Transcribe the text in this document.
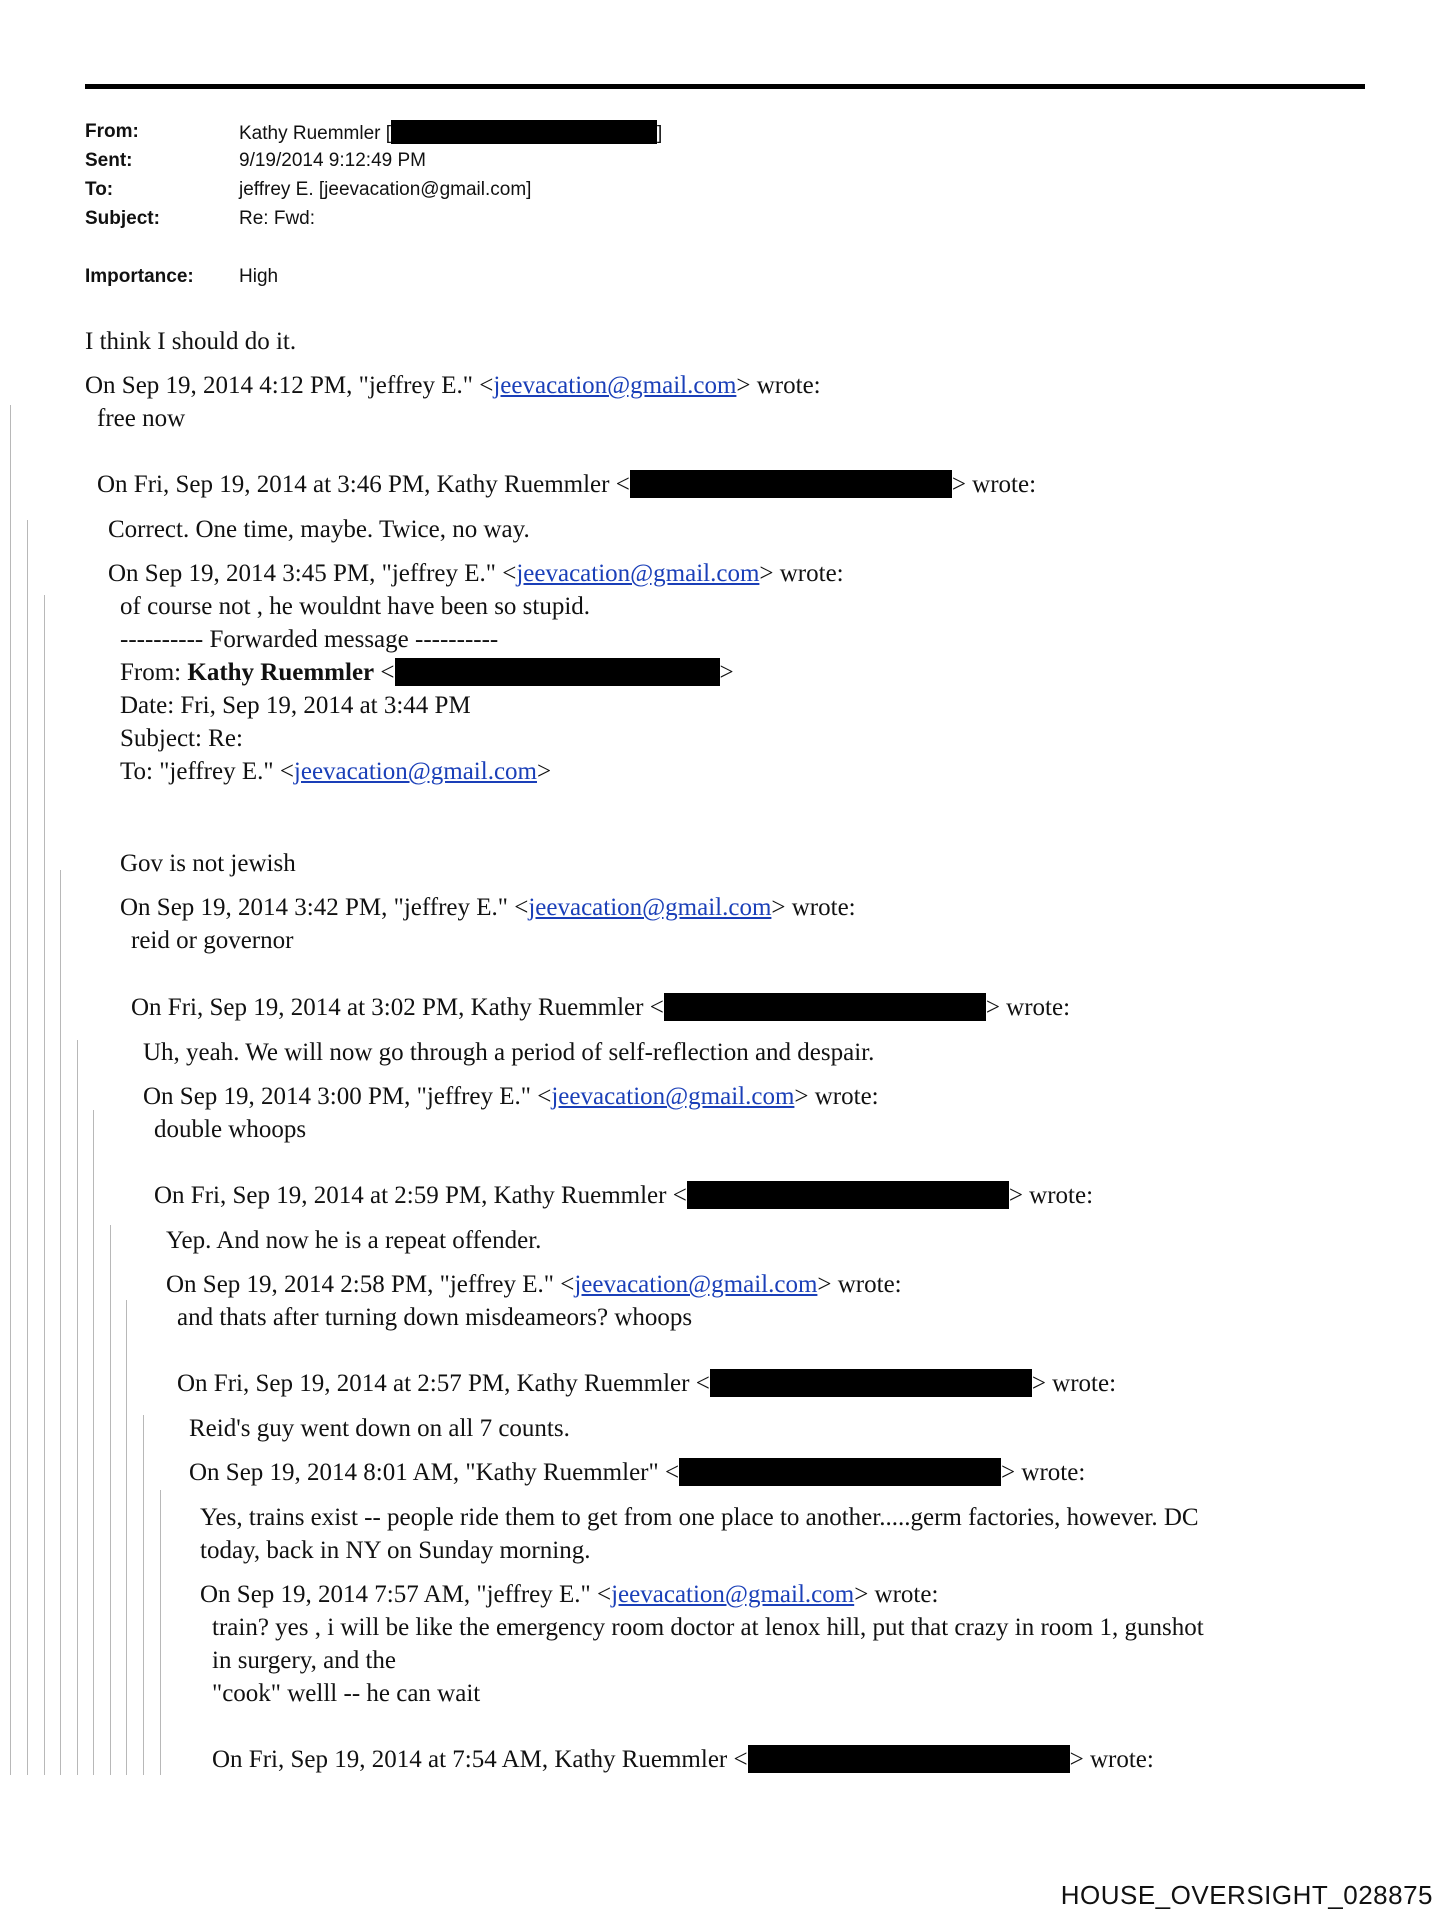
From:	Kathy Ruemmler [	]
Sent:	9/19/2014 9:12:49 PM
To:	jeffrey E. [jeevacation@gmail.com]
Subject:	Re: Fwd:
Importance: High
I think I should do it.
On Sep 19, 2014 4:12 PM, "jeffrey E." <jeevacation@gmail.com> wrote:
free now
On Fri, Sep 19, 2014 at 3:46 PM, Kathy Ruemmler <	> wrote:
Correct. One time, maybe. Twice, no way.
On Sep 19, 2014 3:45 PM, "jeffrey E." <jeevacation@gmail.com> wrote:
of course not , he wouldnt have been so stupid.
---------- Forwarded message ----------
From: Kathy Ruemmler <	>
Date: Fri, Sep 19, 2014 at 3:44 PM
Subject: Re:
To: "jeffrey E." <jeevacation@gmail.com>
Gov is not jewish
On Sep 19, 2014 3:42 PM, "jeffrey E." <jeevacation@gmail.com> wrote:
reid or governor
On Fri, Sep 19, 2014 at 3:02 PM, Kathy Ruemmler <	> wrote:
Uh, yeah. We will now go through a period of self-reflection and despair.
On Sep 19, 2014 3:00 PM, "jeffrey E." <jeevacation@gmail.com> wrote:
double whoops
On Fri, Sep 19, 2014 at 2:59 PM, Kathy Ruemmler <	> wrote:
Yep. And now he is a repeat offender.
On Sep 19, 2014 2:58 PM, "jeffrey E." <jeevacation@gmail.com> wrote:
and thats after turning down misdeameors? whoops
On Fri, Sep 19, 2014 at 2:57 PM, Kathy Ruemmler <	> wrote:
Reid's guy went down on all 7 counts.
On Sep 19, 2014 8:01 AM, "Kathy Ruemmler" <	> wrote:
Yes, trains exist -- people ride them to get from one place to another.....germ factories, however. DC
today, back in NY on Sunday morning.
On Sep 19, 2014 7:57 AM, "jeffrey E." <jeevacation@gmail.com> wrote:
train? yes , i will be like the emergency room doctor at lenox hill, put that crazy in room 1, gunshot
in surgery, and the
"cook" welll -- he can wait
On Fri, Sep 19, 2014 at 7:54 AM, Kathy Ruemmler <	> wrote:
HOUSE_OVERSIGHT_028875
